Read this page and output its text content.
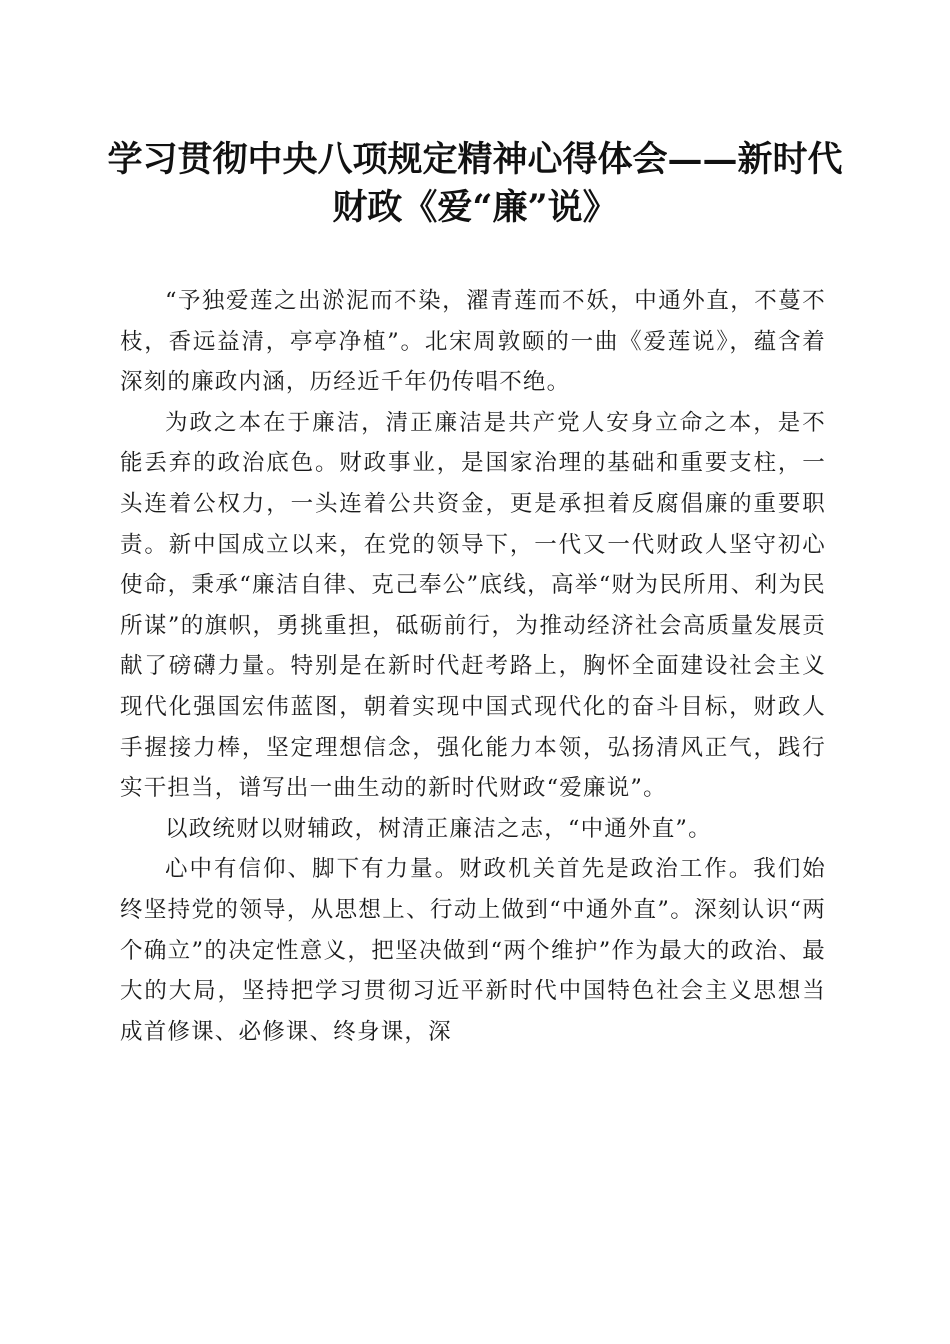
学习贯彻中央八项规定精神心得体会——新时代财政《爱“廉”说》

“予独爱莲之出淤泥而不染，濯青莲而不妖，中通外直，不蔓不枝，香远益清，亭亭净植”。北宋周敦颐的一曲《爱莲说》，蕴含着深刻的廉政内涵，历经近千年仍传唱不绝。

为政之本在于廉洁，清正廉洁是共产党人安身立命之本，是不能丢弃的政治底色。财政事业，是国家治理的基础和重要支柱，一头连着公权力，一头连着公共资金，更是承担着反腐倡廉的重要职责。新中国成立以来，在党的领导下，一代又一代财政人坚守初心使命，秉承“廉洁自律、克己奉公”底线，高举“财为民所用、利为民所谋”的旗帜，勇挑重担，砥砺前行，为推动经济社会高质量发展贡献了磅礴力量。特别是在新时代赶考路上，胸怀全面建设社会主义现代化强国宏伟蓝图，朝着实现中国式现代化的奋斗目标，财政人手握接力棒，坚定理想信念，强化能力本领，弘扬清风正气，践行实干担当，谱写出一曲生动的新时代财政“爱廉说”。

以政统财以财辅政，树清正廉洁之志，“中通外直”。

心中有信仰、脚下有力量。财政机关首先是政治工作。我们始终坚持党的领导，从思想上、行动上做到“中通外直”。深刻认识“两个确立”的决定性意义，把坚决做到“两个维护”作为最大的政治、最大的大局，坚持把学习贯彻习近平新时代中国特色社会主义思想当成首修课、必修课、终身课，深
